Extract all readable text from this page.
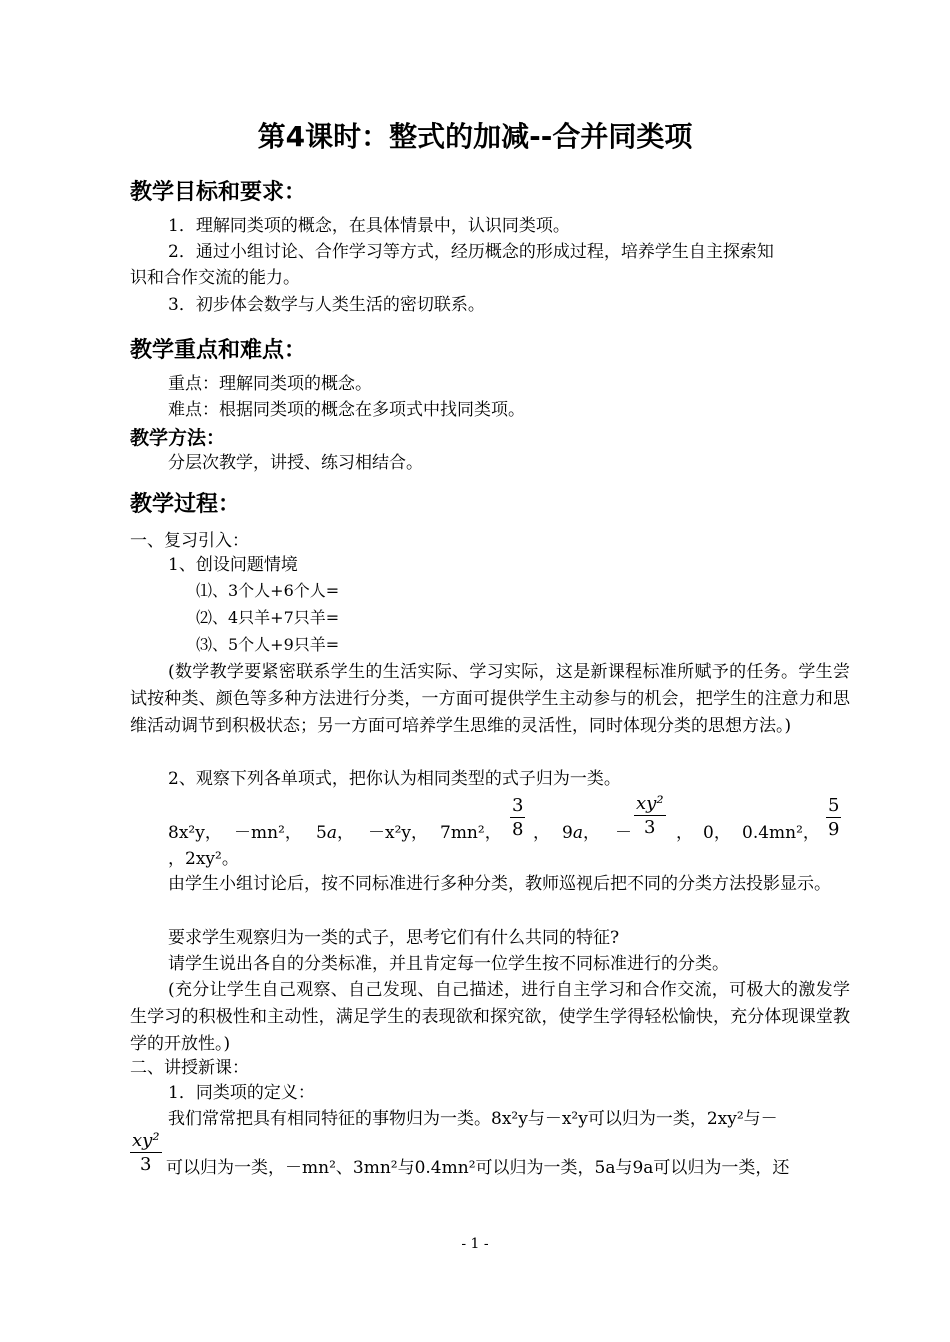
第4课时：整式的加减--合并同类项
教学目标和要求：
1．理解同类项的概念，在具体情景中，认识同类项。
2．通过小组讨论、合作学习等方式，经历概念的形成过程，培养学生自主探索知
识和合作交流的能力。
3．初步体会数学与人类生活的密切联系。
教学重点和难点：
重点：理解同类项的概念。
难点：根据同类项的概念在多项式中找同类项。
教学方法：
分层次教学，讲授、练习相结合。
教学过程：
一、复习引入：
1、创设问题情境
⑴、3个人+6个人=
⑵、4只羊+7只羊=
⑶、5个人+9只羊=
(数学教学要紧密联系学生的生活实际、学习实际，这是新课程标准所赋予的任务。学生尝试按种类、颜色等多种方法进行分类，一方面可提供学生主动参与的机会，把学生的注意力和思维活动调节到积极状态；另一方面可培养学生思维的灵活性，同时体现分类的思想方法。)
2、观察下列各单项式，把你认为相同类型的式子归为一类。
8x²y， －mn²， 5a， －x²y， 7mn²， $\frac{3}{8}$ ， 9a， － $\frac{\text{xy²}}{3}$ ， 0， 0.4mn²， $\frac{5}{9}$
，2xy²。
由学生小组讨论后，按不同标准进行多种分类，教师巡视后把不同的分类方法投影显示。
要求学生观察归为一类的式子，思考它们有什么共同的特征?
请学生说出各自的分类标准，并且肯定每一位学生按不同标准进行的分类。
(充分让学生自己观察、自己发现、自己描述，进行自主学习和合作交流，可极大的激发学生学习的积极性和主动性，满足学生的表现欲和探究欲，使学生学得轻松愉快，充分体现课堂教学的开放性。)
二、讲授新课：
1．同类项的定义：
我们常常把具有相同特征的事物归为一类。8x²y与－x²y可以归为一类，2xy²与－
$\frac{\text{xy²}}{3}$ 可以归为一类，－mn²、3mn²与0.4mn²可以归为一类，5a与9a可以归为一类，还
- 1 -
